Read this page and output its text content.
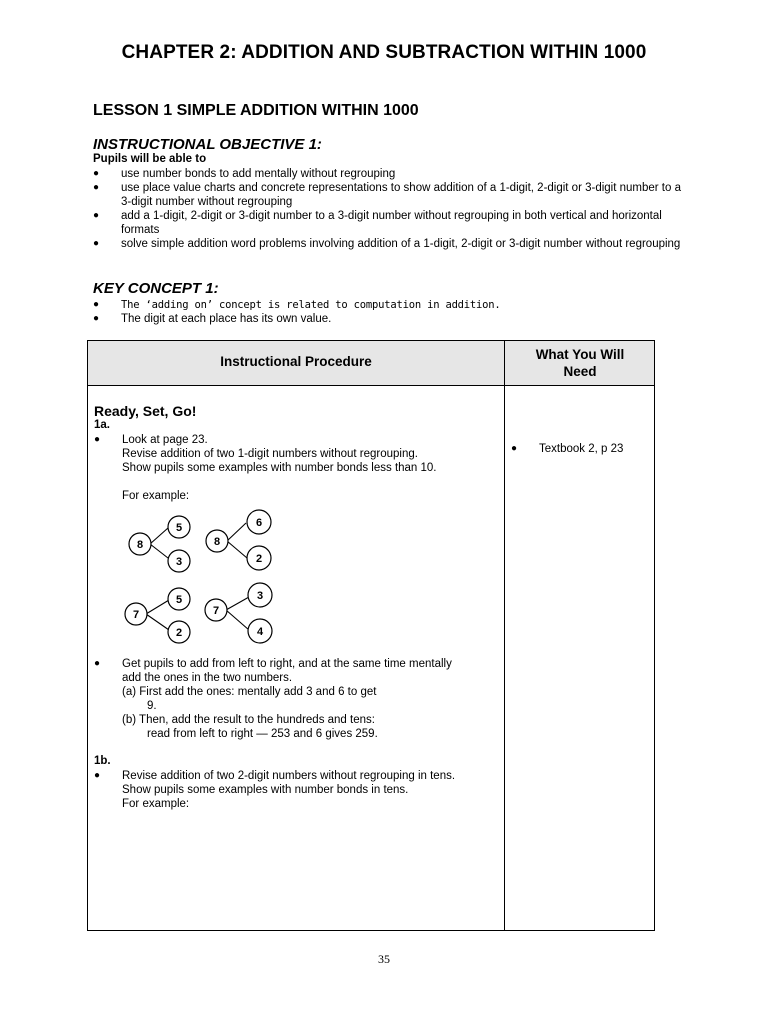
CHAPTER 2: ADDITION AND SUBTRACTION WITHIN 1000
LESSON 1 SIMPLE ADDITION WITHIN 1000
INSTRUCTIONAL OBJECTIVE 1:
Pupils will be able to
● use number bonds to add mentally without regrouping
● use place value charts and concrete representations to show addition of a 1-digit, 2-digit or 3-digit number to a 3-digit number without regrouping
● add a 1-digit, 2-digit or 3-digit number to a 3-digit number without regrouping in both vertical and horizontal formats
● solve simple addition word problems involving addition of a 1-digit, 2-digit or 3-digit number without regrouping
KEY CONCEPT 1:
● The ‘adding on’ concept is related to computation in addition.
● The digit at each place has its own value.
Instructional Procedure	What You Will
Need
Ready, Set, Go!
1a.
● Look at page 23.
Revise addition of two 1-digit numbers without regrouping.
Show pupils some examples with number bonds less than 10.
For example:
8
5
3
8
6
2
7
5
2
7
3
4
● Get pupils to add from left to right, and at the same time mentally
add the ones in the two numbers.
(a) First add the ones: mentally add 3 and 6 to get
9.
(b) Then, add the result to the hundreds and tens:
read from left to right — 253 and 6 gives 259.
1b.
● Revise addition of two 2-digit numbers without regrouping in tens.
Show pupils some examples with number bonds in tens.
For example:
● Textbook 2, p 23
35
